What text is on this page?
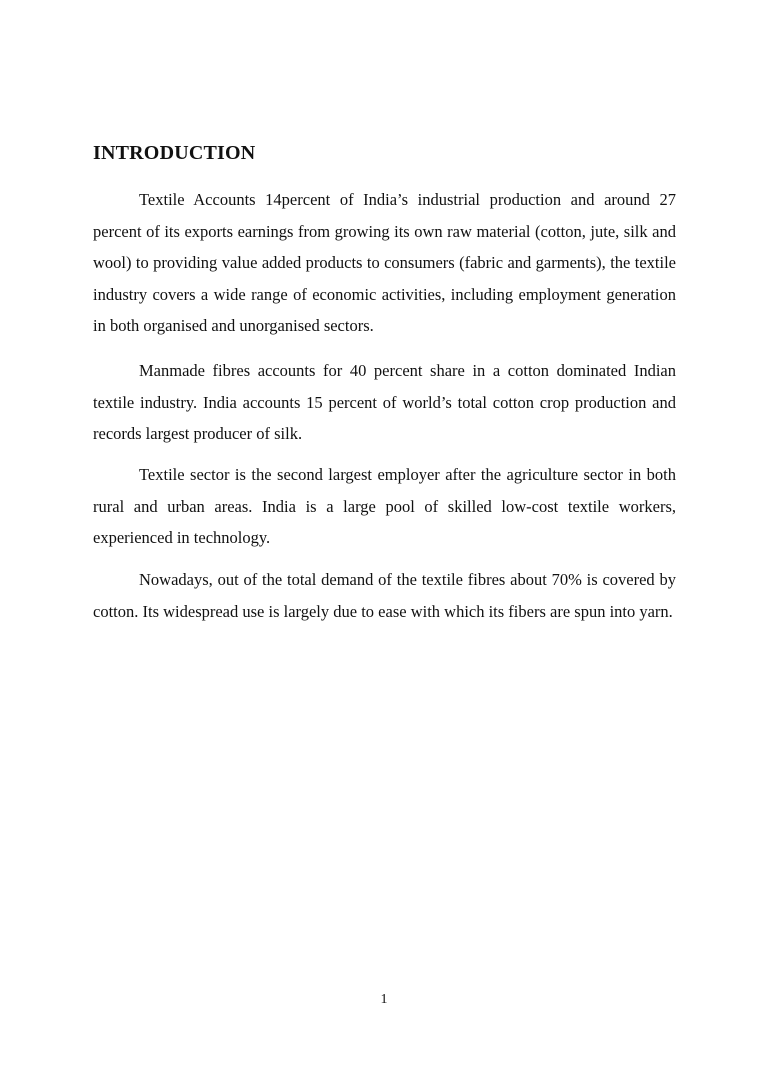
INTRODUCTION

Textile Accounts 14percent of India’s industrial production and around 27 percent of its exports earnings from growing its own raw material (cotton, jute, silk and wool) to providing value added products to consumers (fabric and garments), the textile industry covers a wide range of economic activities, including employment generation in both organised and unorganised sectors.

Manmade fibres accounts for 40 percent share in a cotton dominated Indian textile industry. India accounts 15 percent of world’s total cotton crop production and records largest producer of silk.

Textile sector is the second largest employer after the agriculture sector in both rural and urban areas. India is a large pool of skilled low-cost textile workers, experienced in technology.

Nowadays, out of the total demand of the textile fibres about 70% is covered by cotton. Its widespread use is largely due to ease with which its fibers are spun into yarn.

1
